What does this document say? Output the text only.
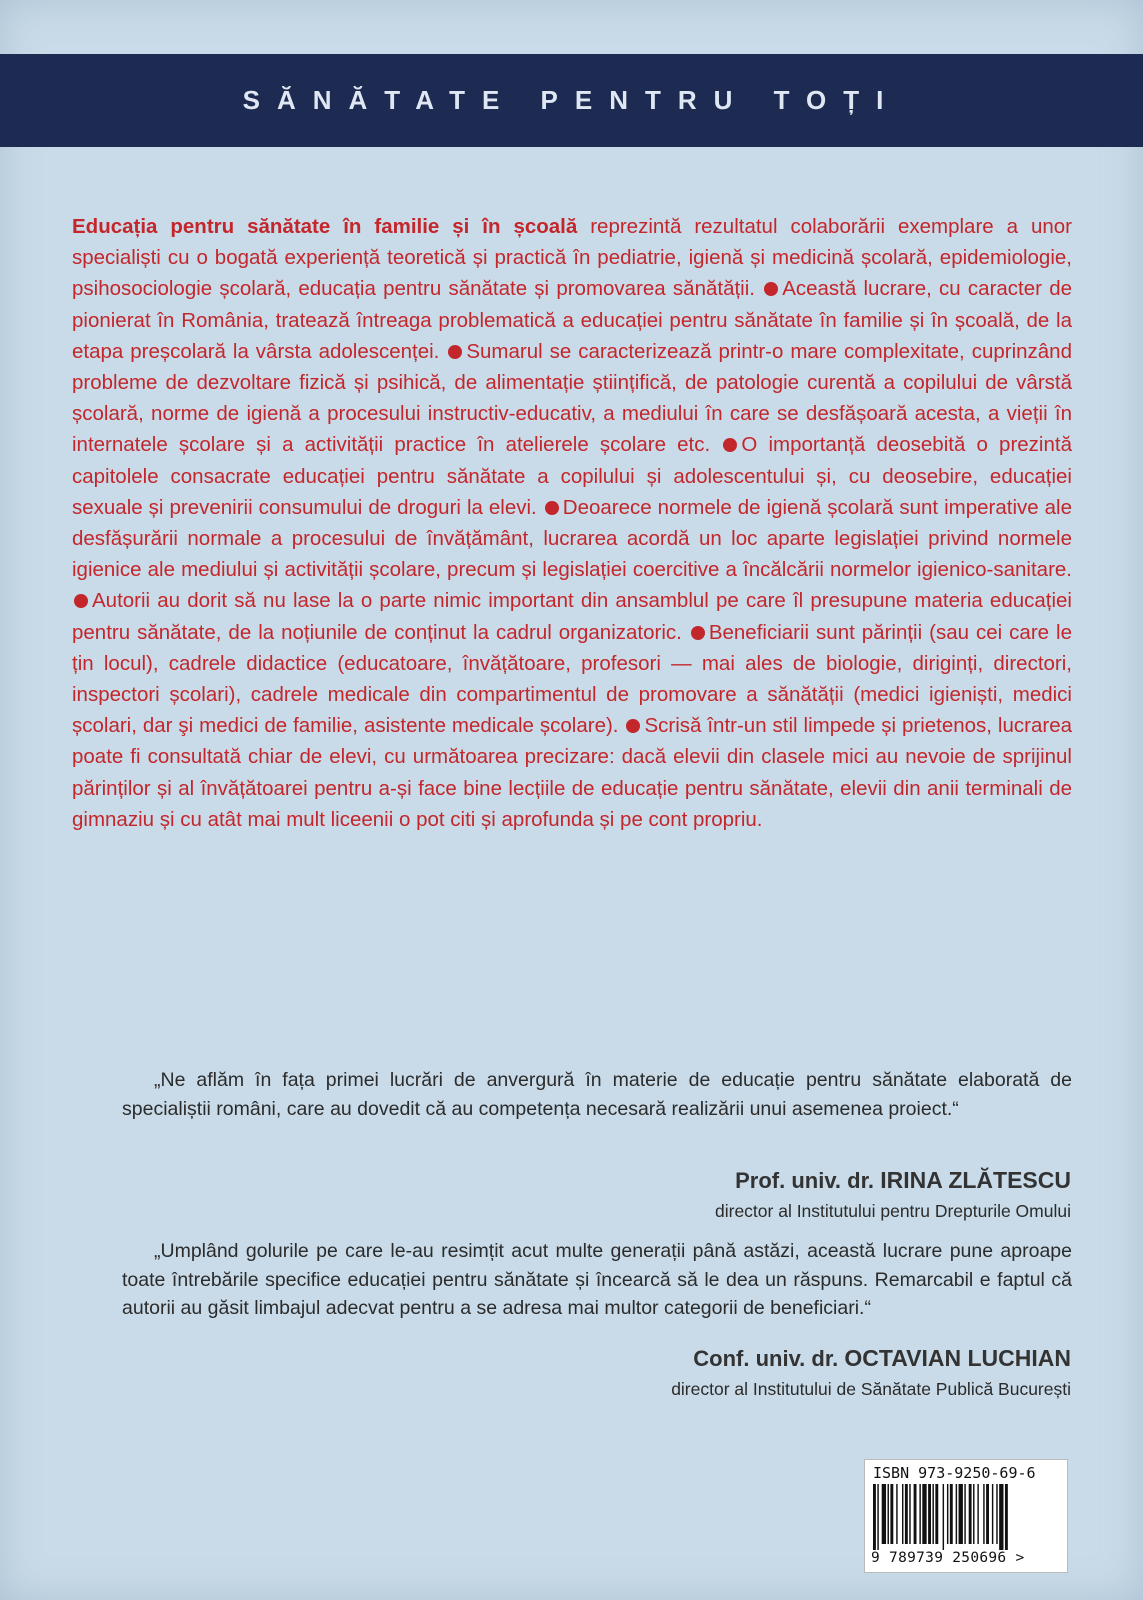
SĂNĂTATE PENTRU TOȚI
Educația pentru sănătate în familie și în școală reprezintă rezultatul colaborării exemplare a unor specialiști cu o bogată experiență teoretică și practică în pediatrie, igienă și medicină școlară, epidemiologie, psihosociologie școlară, educația pentru sănătate și promovarea sănătății. Această lucrare, cu caracter de pionierat în România, tratează întreaga problematică a educației pentru sănătate în familie și în școală, de la etapa preșcolară la vârsta adolescenței. Sumarul se caracterizează printr-o mare complexitate, cuprinzând probleme de dezvoltare fizică și psihică, de alimentație științifică, de patologie curentă a copilului de vârstă școlară, norme de igienă a procesului instructiv-educativ, a mediului în care se desfășoară acesta, a vieții în internatele școlare și a activității practice în atelierele școlare etc. O importanță deosebită o prezintă capitolele consacrate educației pentru sănătate a copilului și adolescentului și, cu deosebire, educației sexuale și prevenirii consumului de droguri la elevi. Deoarece normele de igienă școlară sunt imperative ale desfășurării normale a procesului de învățământ, lucrarea acordă un loc aparte legislației privind normele igienice ale mediului și activității școlare, precum și legislației coercitive a încălcării normelor igienico-sanitare. Autorii au dorit să nu lase la o parte nimic important din ansamblul pe care îl presupune materia educației pentru sănătate, de la noțiunile de conținut la cadrul organizatoric. Beneficiarii sunt părinții (sau cei care le țin locul), cadrele didactice (educatoare, învățătoare, profesori — mai ales de biologie, diriginți, directori, inspectori școlari), cadrele medicale din compartimentul de promovare a sănătății (medici igieniști, medici școlari, dar şi medici de familie, asistente medicale școlare). Scrisă într-un stil limpede și prietenos, lucrarea poate fi consultată chiar de elevi, cu următoarea precizare: dacă elevii din clasele mici au nevoie de sprijinul părinților și al învățătoarei pentru a-și face bine lecțiile de educație pentru sănătate, elevii din anii terminali de gimnaziu și cu atât mai mult liceenii o pot citi și aprofunda și pe cont propriu.
„Ne aflăm în fața primei lucrări de anvergură în materie de educație pentru sănătate elaborată de specialiștii români, care au dovedit că au competența necesară realizării unui asemenea proiect.“
Prof. univ. dr. IRINA ZLĂTESCU
director al Institutului pentru Drepturile Omului
„Umplând golurile pe care le-au resimțit acut multe generații până astăzi, această lucrare pune aproape toate întrebările specifice educației pentru sănătate și încearcă să le dea un răspuns. Remarcabil e faptul că autorii au găsit limbajul adecvat pentru a se adresa mai multor categorii de beneficiari.“
Conf. univ. dr. OCTAVIAN LUCHIAN
director al Institutului de Sănătate Publică București
ISBN 973-9250-69-6
9 789739 250696 >
